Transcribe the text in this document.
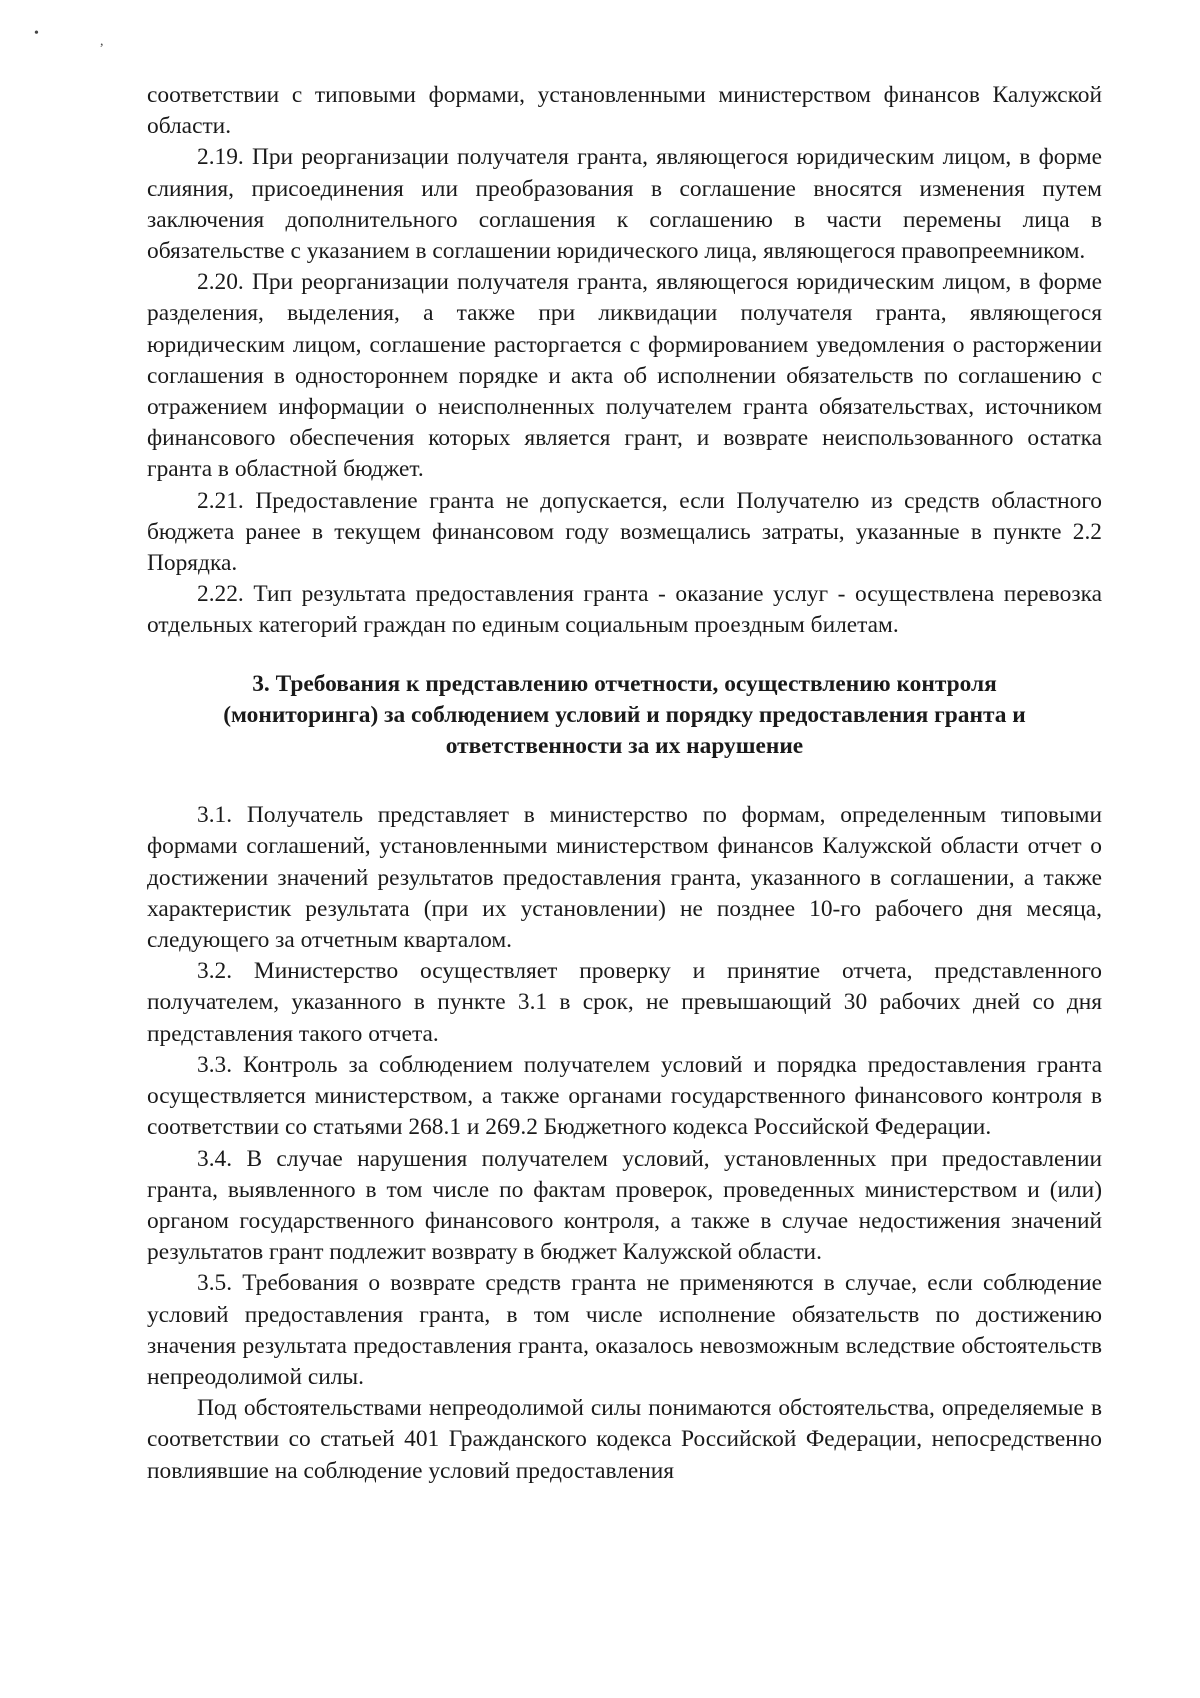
•
,

соответствии с типовыми формами, установленными министерством финансов Калужской области.

2.19. При реорганизации получателя гранта, являющегося юридическим лицом, в форме слияния, присоединения или преобразования в соглашение вносятся изменения путем заключения дополнительного соглашения к соглашению в части перемены лица в обязательстве с указанием в соглашении юридического лица, являющегося правопреемником.

2.20. При реорганизации получателя гранта, являющегося юридическим лицом, в форме разделения, выделения, а также при ликвидации получателя гранта, являющегося юридическим лицом, соглашение расторгается с формированием уведомления о расторжении соглашения в одностороннем порядке и акта об исполнении обязательств по соглашению с отражением информации о неисполненных получателем гранта обязательствах, источником финансового обеспечения которых является грант, и возврате неиспользованного остатка гранта в областной бюджет.

2.21. Предоставление гранта не допускается, если Получателю из средств областного бюджета ранее в текущем финансовом году возмещались затраты, указанные в пункте 2.2 Порядка.

2.22. Тип результата предоставления гранта - оказание услуг - осуществлена перевозка отдельных категорий граждан по единым социальным проездным билетам.

3. Требования к представлению отчетности, осуществлению контроля (мониторинга) за соблюдением условий и порядку предоставления гранта и ответственности за их нарушение

3.1. Получатель представляет в министерство по формам, определенным типовыми формами соглашений, установленными министерством финансов Калужской области отчет о достижении значений результатов предоставления гранта, указанного в соглашении, а также характеристик результата (при их установлении) не позднее 10-го рабочего дня месяца, следующего за отчетным кварталом.

3.2. Министерство осуществляет проверку и принятие отчета, представленного получателем, указанного в пункте 3.1 в срок, не превышающий 30 рабочих дней со дня представления такого отчета.

3.3. Контроль за соблюдением получателем условий и порядка предоставления гранта осуществляется министерством, а также органами государственного финансового контроля в соответствии со статьями 268.1 и 269.2 Бюджетного кодекса Российской Федерации.

3.4. В случае нарушения получателем условий, установленных при предоставлении гранта, выявленного в том числе по фактам проверок, проведенных министерством и (или) органом государственного финансового контроля, а также в случае недостижения значений результатов грант подлежит возврату в бюджет Калужской области.

3.5. Требования о возврате средств гранта не применяются в случае, если соблюдение условий предоставления гранта, в том числе исполнение обязательств по достижению значения результата предоставления гранта, оказалось невозможным вследствие обстоятельств непреодолимой силы.

Под обстоятельствами непреодолимой силы понимаются обстоятельства, определяемые в соответствии со статьей 401 Гражданского кодекса Российской Федерации, непосредственно повлиявшие на соблюдение условий предоставления
